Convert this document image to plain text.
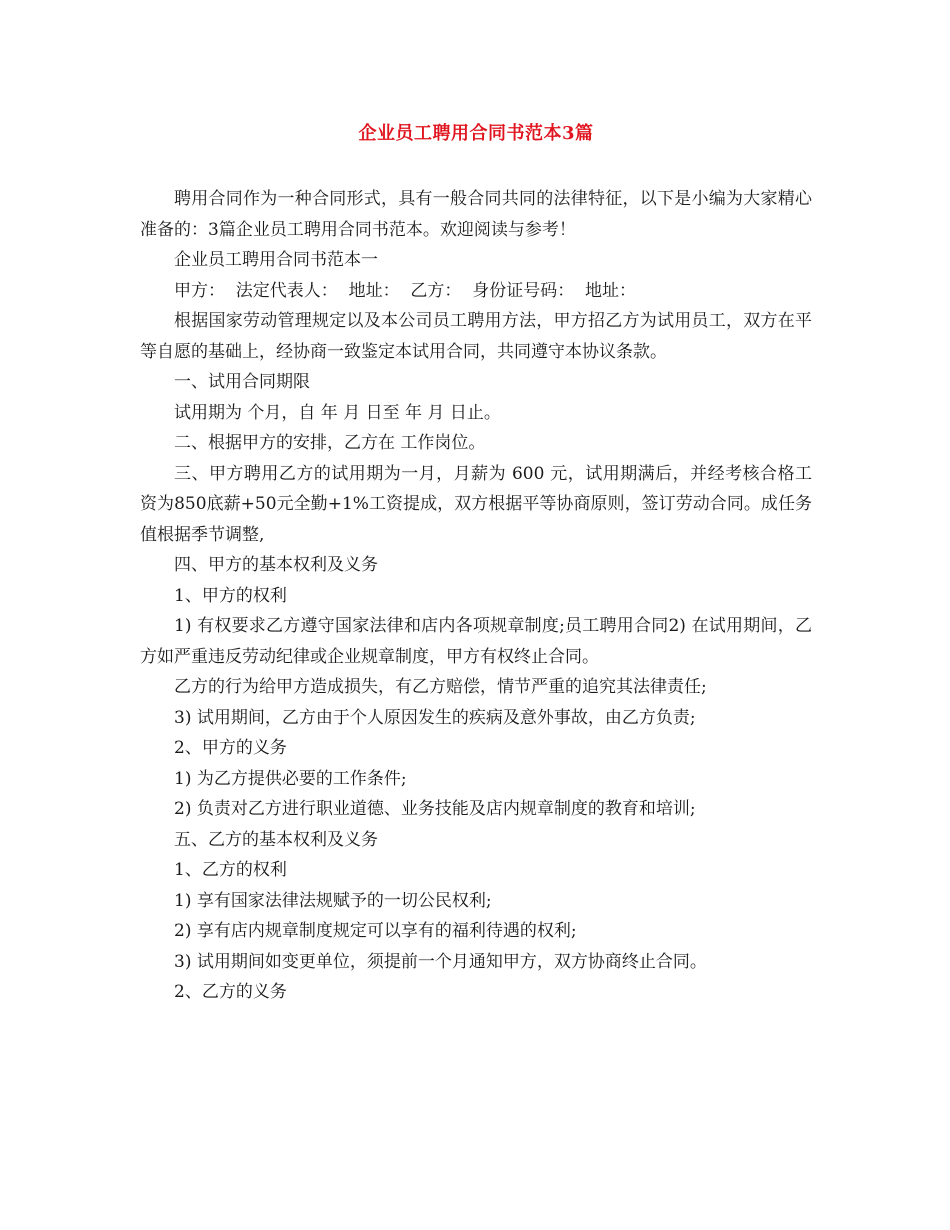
企业员工聘用合同书范本3篇

聘用合同作为一种合同形式，具有一般合同共同的法律特征，以下是小编为大家精心准备的：3篇企业员工聘用合同书范本。欢迎阅读与参考！

企业员工聘用合同书范本一

甲方：  法定代表人：  地址：  乙方：  身份证号码：  地址：

根据国家劳动管理规定以及本公司员工聘用方法，甲方招乙方为试用员工，双方在平等自愿的基础上，经协商一致鉴定本试用合同，共同遵守本协议条款。

一、试用合同期限

试用期为 个月，自 年 月 日至 年 月 日止。

二、根据甲方的安排，乙方在 工作岗位。

三、甲方聘用乙方的试用期为一月，月薪为 600 元，试用期满后，并经考核合格工资为850底薪+50元全勤+1%工资提成，双方根据平等协商原则，签订劳动合同。成任务值根据季节调整,

四、甲方的基本权利及义务

1、甲方的权利

1) 有权要求乙方遵守国家法律和店内各项规章制度;员工聘用合同2) 在试用期间，乙方如严重违反劳动纪律或企业规章制度，甲方有权终止合同。

乙方的行为给甲方造成损失，有乙方赔偿，情节严重的追究其法律责任;

3) 试用期间，乙方由于个人原因发生的疾病及意外事故，由乙方负责;

2、甲方的义务

1) 为乙方提供必要的工作条件;

2) 负责对乙方进行职业道德、业务技能及店内规章制度的教育和培训;

五、乙方的基本权利及义务

1、乙方的权利

1) 享有国家法律法规赋予的一切公民权利;

2) 享有店内规章制度规定可以享有的福利待遇的权利;

3) 试用期间如变更单位，须提前一个月通知甲方，双方协商终止合同。

2、乙方的义务
